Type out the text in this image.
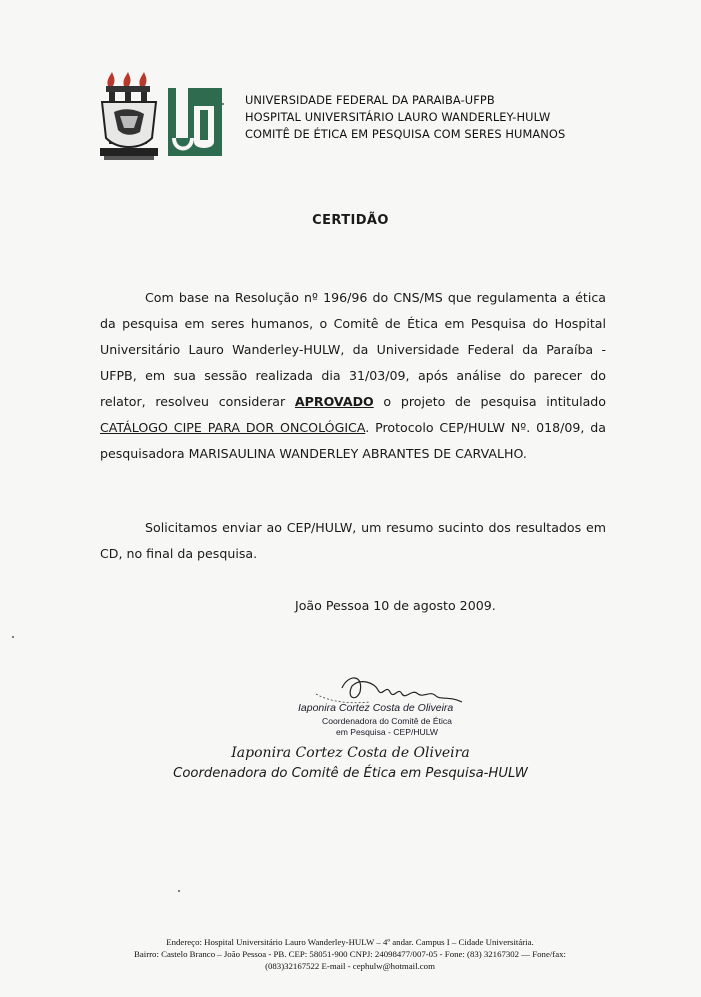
UNIVERSIDADE FEDERAL DA PARAIBA-UFPB
HOSPITAL UNIVERSITÁRIO LAURO WANDERLEY-HULW
COMITÊ DE ÉTICA EM PESQUISA COM SERES HUMANOS
CERTIDÃO
Com base na Resolução nº 196/96 do CNS/MS que regulamenta a ética da pesquisa em seres humanos, o Comitê de Ética em Pesquisa do Hospital Universitário Lauro Wanderley-HULW, da Universidade Federal da Paraíba - UFPB, em sua sessão realizada dia 31/03/09, após análise do parecer do relator, resolveu considerar APROVADO o projeto de pesquisa intitulado CATÁLOGO CIPE PARA DOR ONCOLÓGICA. Protocolo CEP/HULW Nº. 018/09, da pesquisadora MARISAULINA WANDERLEY ABRANTES DE CARVALHO.
Solicitamos enviar ao CEP/HULW, um resumo sucinto dos resultados em CD, no final da pesquisa.
João Pessoa 10 de agosto 2009.
Iaponira Cortez Costa de Oliveira
Coordenadora do Comitê de Ética
em Pesquisa - CEP/HULW
Iaponira Cortez Costa de Oliveira
Coordenadora do Comitê de Ética em Pesquisa-HULW
Endereço: Hospital Universitário Lauro Wanderley-HULW – 4º andar. Campus I – Cidade Universitária.
Bairro: Castelo Branco – João Pessoa - PB. CEP: 58051-900 CNPJ: 24098477/007-05 - Fone: (83) 32167302 — Fone/fax:
(083)32167522 E-mail - cephulw@hotmail.com
